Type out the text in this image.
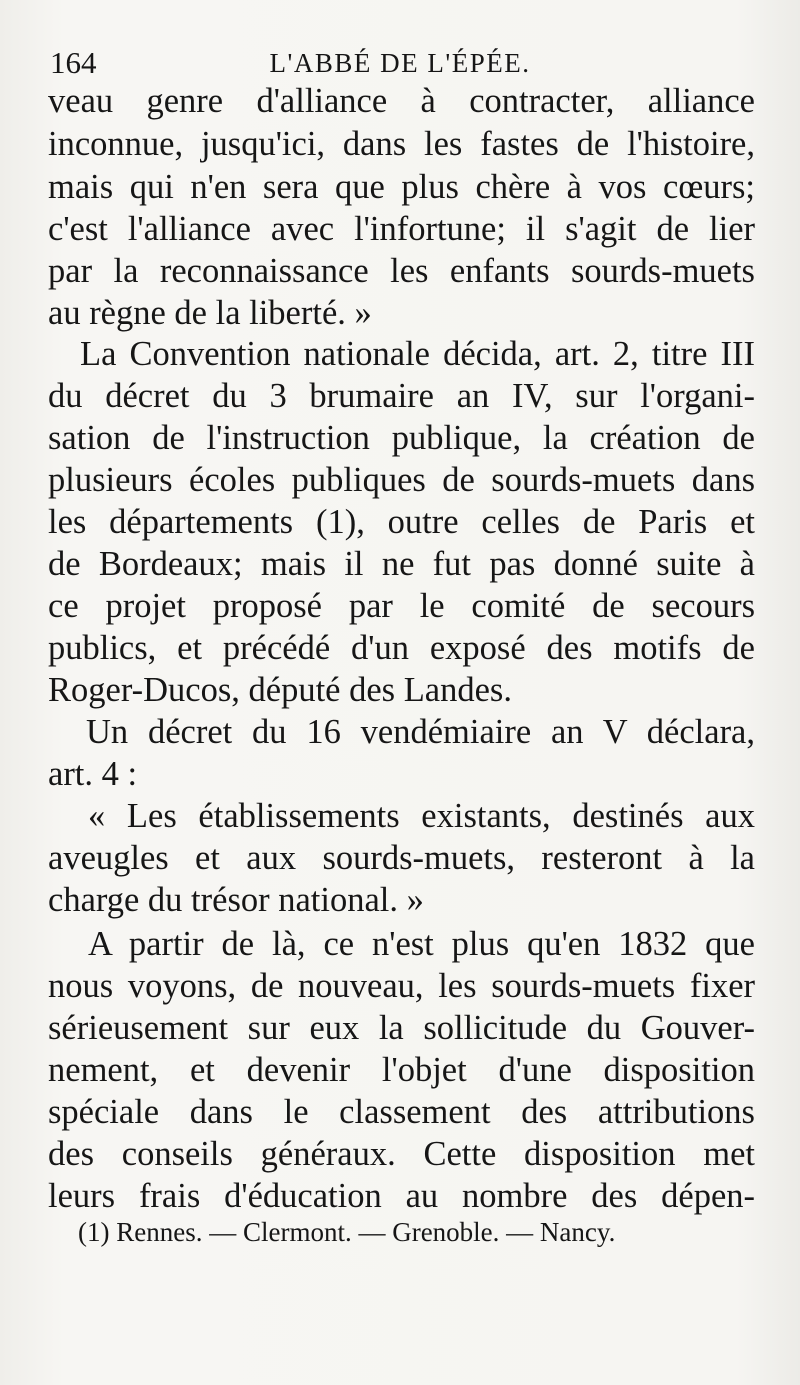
164	L'ABBÉ DE L'ÉPÉE.
veau genre d'alliance à contracter, alliance
inconnue, jusqu'ici, dans les fastes de l'histoire,
mais qui n'en sera que plus chère à vos cœurs;
c'est l'alliance avec l'infortune; il s'agit de lier
par la reconnaissance les enfants sourds-muets
au règne de la liberté. »
La Convention nationale décida, art. 2, titre III
du décret du 3 brumaire an IV, sur l'organi-
sation de l'instruction publique, la création de
plusieurs écoles publiques de sourds-muets dans
les départements (1), outre celles de Paris et
de Bordeaux; mais il ne fut pas donné suite à
ce projet proposé par le comité de secours
publics, et précédé d'un exposé des motifs de
Roger-Ducos, député des Landes.
Un décret du 16 vendémiaire an V déclara,
art. 4 :
« Les établissements existants, destinés aux
aveugles et aux sourds-muets, resteront à la
charge du trésor national. »
A partir de là, ce n'est plus qu'en 1832 que
nous voyons, de nouveau, les sourds-muets fixer
sérieusement sur eux la sollicitude du Gouver-
nement, et devenir l'objet d'une disposition
spéciale dans le classement des attributions
des conseils généraux. Cette disposition met
leurs frais d'éducation au nombre des dépen-
(1) Rennes. — Clermont. — Grenoble. — Nancy.
